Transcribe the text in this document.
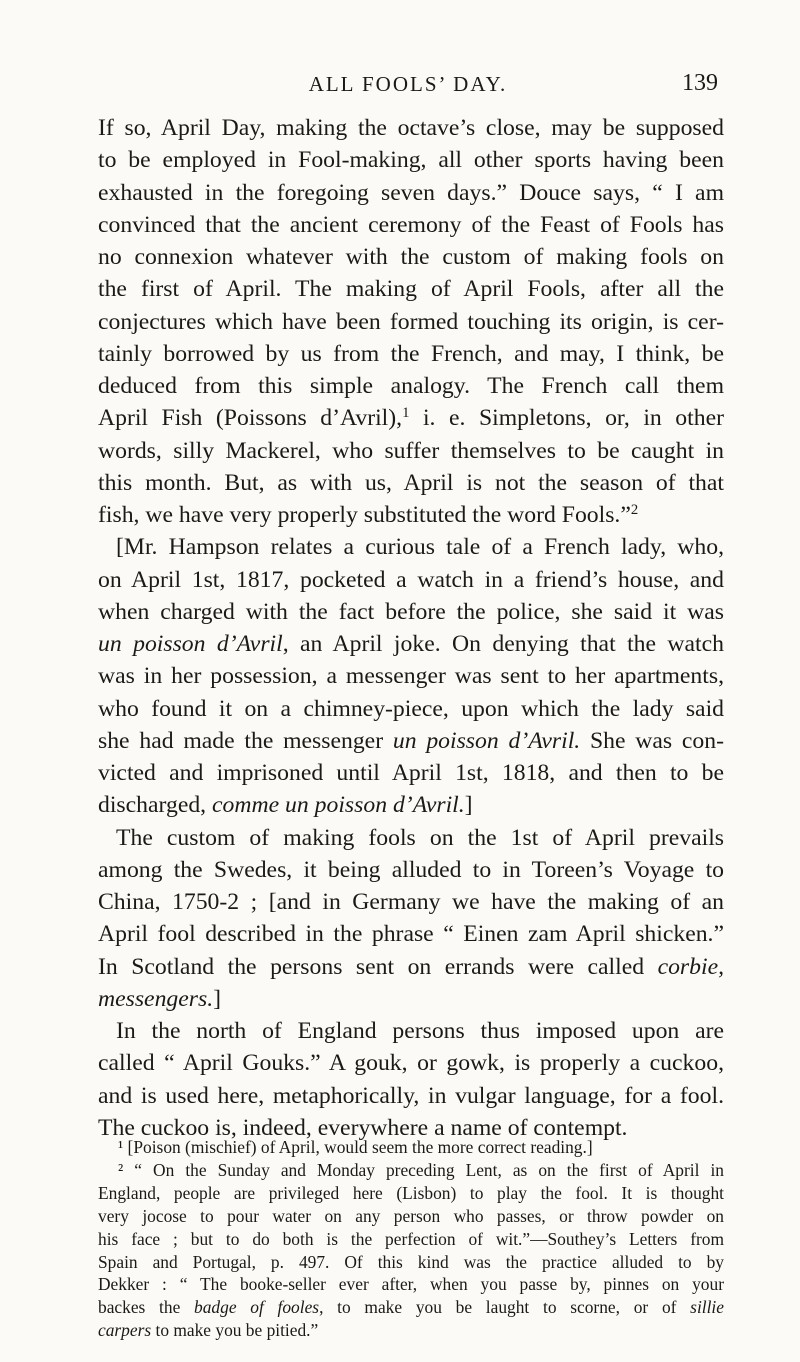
ALL FOOLS’ DAY.	139

If so, April Day, making the octave’s close, may be supposed

to be employed in Fool-making, all other sports having been

exhausted in the foregoing seven days.” Douce says, “ I am

convinced that the ancient ceremony of the Feast of Fools has

no connexion whatever with the custom of making fools on

the first of April. The making of April Fools, after all the

conjectures which have been formed touching its origin, is cer-

tainly borrowed by us from the French, and may, I think, be

deduced from this simple analogy. The French call them

April Fish (Poissons d’Avril),$^1$ i. e. Simpletons, or, in other

words, silly Mackerel, who suffer themselves to be caught in

this month. But, as with us, April is not the season of that

fish, we have very properly substituted the word Fools.”$^2$

[Mr. Hampson relates a curious tale of a French lady, who,

on April 1st, 1817, pocketed a watch in a friend’s house, and

when charged with the fact before the police, she said it was

un poisson d’Avril, an April joke. On denying that the watch

was in her possession, a messenger was sent to her apartments,

who found it on a chimney-piece, upon which the lady said

she had made the messenger un poisson d’Avril. She was con-

victed and imprisoned until April 1st, 1818, and then to be

discharged, comme un poisson d’Avril.]

The custom of making fools on the 1st of April prevails

among the Swedes, it being alluded to in Toreen’s Voyage to

China, 1750-2 ; [and in Germany we have the making of an

April fool described in the phrase “ Einen zam April shicken.”

In Scotland the persons sent on errands were called corbie,

messengers.]

In the north of England persons thus imposed upon are

called “ April Gouks.” A gouk, or gowk, is properly a cuckoo,

and is used here, metaphorically, in vulgar language, for a fool.

The cuckoo is, indeed, everywhere a name of contempt.

¹ [Poison (mischief) of April, would seem the more correct reading.]

² “ On the Sunday and Monday preceding Lent, as on the first of April in

England, people are privileged here (Lisbon) to play the fool. It is thought

very jocose to pour water on any person who passes, or throw powder on

his face ; but to do both is the perfection of wit.”—Southey’s Letters from

Spain and Portugal, p. 497. Of this kind was the practice alluded to by

Dekker : “ The booke-seller ever after, when you passe by, pinnes on your

backes the badge of fooles, to make you be laught to scorne, or of sillie

carpers to make you be pitied.”
